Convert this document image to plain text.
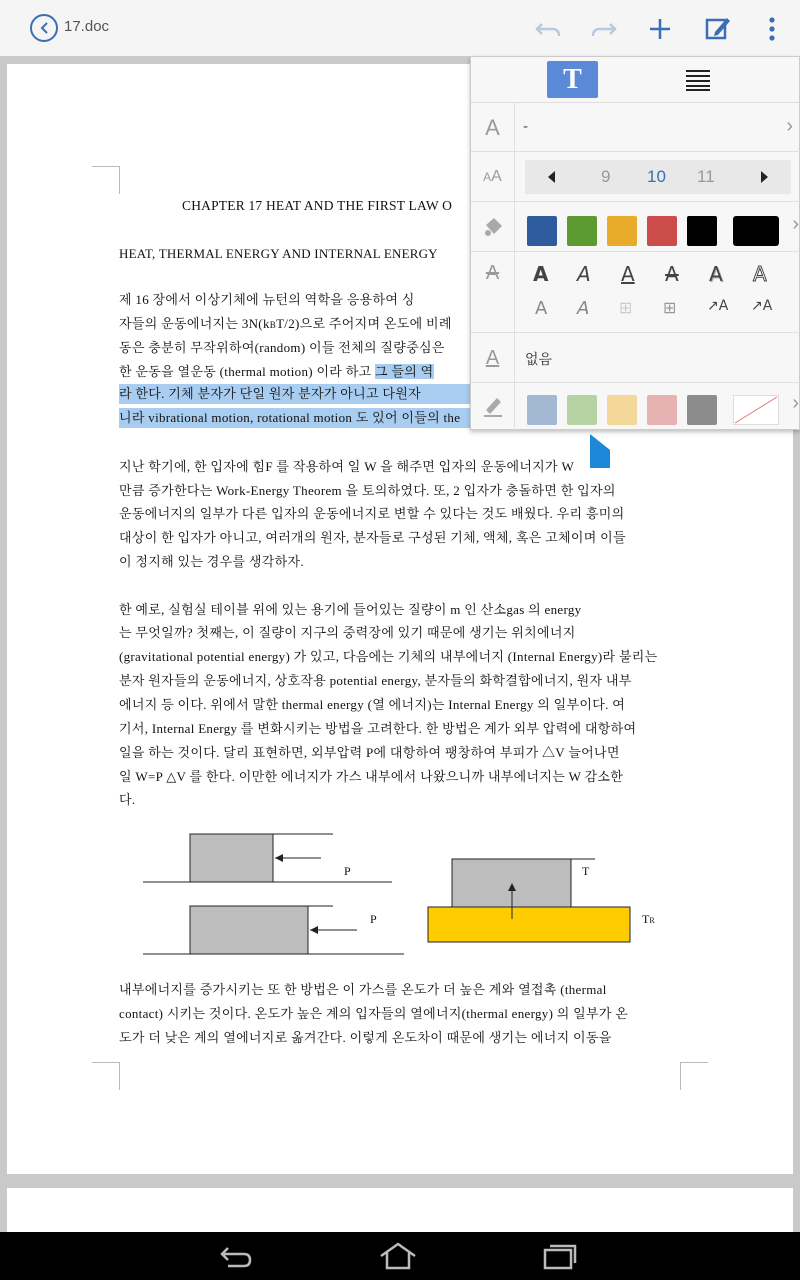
17.doc
CHAPTER 17 HEAT AND THE FIRST LAW O
HEAT, THERMAL ENERGY AND INTERNAL ENERGY
제 16 장에서 이상기체에 뉴턴의 역학을 응용하여 싱
자들의 운동에너지는 3N(kBT/2)으로 주어지며 온도에 비례
동은 충분히 무작위하여(random) 이들 전체의 질량중심은
한 운동을 열운동 (thermal motion) 이라 하고 그 들의 역
라 한다. 기체 분자가 단일 원자 분자가 아니고 다원자
니라 vibrational motion, rotational motion 도 있어 이들의 the
지난 학기에, 한 입자에 힘F 를 작용하여 일 W 을 해주면 입자의 운동에너지가 W
만큼 증가한다는 Work-Energy Theorem 을 토의하였다. 또, 2 입자가 충돌하면 한 입자의
운동에너지의 일부가 다른 입자의 운동에너지로 변할 수 있다는 것도 배웠다. 우리 흥미의
대상이 한 입자가 아니고, 여러개의 원자, 분자들로 구성된 기체, 액체, 혹은 고체이며 이들
이 정지해 있는 경우를 생각하자.
한 예로, 실험실 테이블 위에 있는 용기에 들어있는 질량이 m 인 산소gas 의 energy
는 무엇일까? 첫째는, 이 질량이 지구의 중력장에 있기 때문에 생기는 위치에너지
(gravitational potential energy) 가 있고, 다음에는 기체의 내부에너지 (Internal Energy)라 불리는
분자 원자들의 운동에너지, 상호작용 potential energy, 분자들의 화학결합에너지, 원자 내부
에너지 등 이다. 위에서 말한 thermal energy (열 에너지)는 Internal Energy 의 일부이다. 여
기서, Internal Energy 를 변화시키는 방법을 고려한다. 한 방법은 계가 외부 압력에 대항하여
일을 하는 것이다. 달리 표현하면, 외부압력 P에 대항하여 팽창하여 부피가 △V 늘어나면
일 W=P △V 를 한다. 이만한 에너지가 가스 내부에서 나왔으니까 내부에너지는 W 감소한
다.
P
P
T
TR
내부에너지를 증가시키는 또 한 방법은 이 가스를 온도가 더 높은 계와 열접촉 (thermal
contact) 시키는 것이다. 온도가 높은 계의 입자들의 열에너지(thermal energy) 의 일부가 온
도가 더 낮은 계의 열에너지로 옮겨간다. 이렇게 온도차이 때문에 생기는 에너지 이동을
T
A	-	›
AA	9 10 11
›
A	A A A A A A
A A ⊞ ⊞ ↗A ↗A
A	없음
›
